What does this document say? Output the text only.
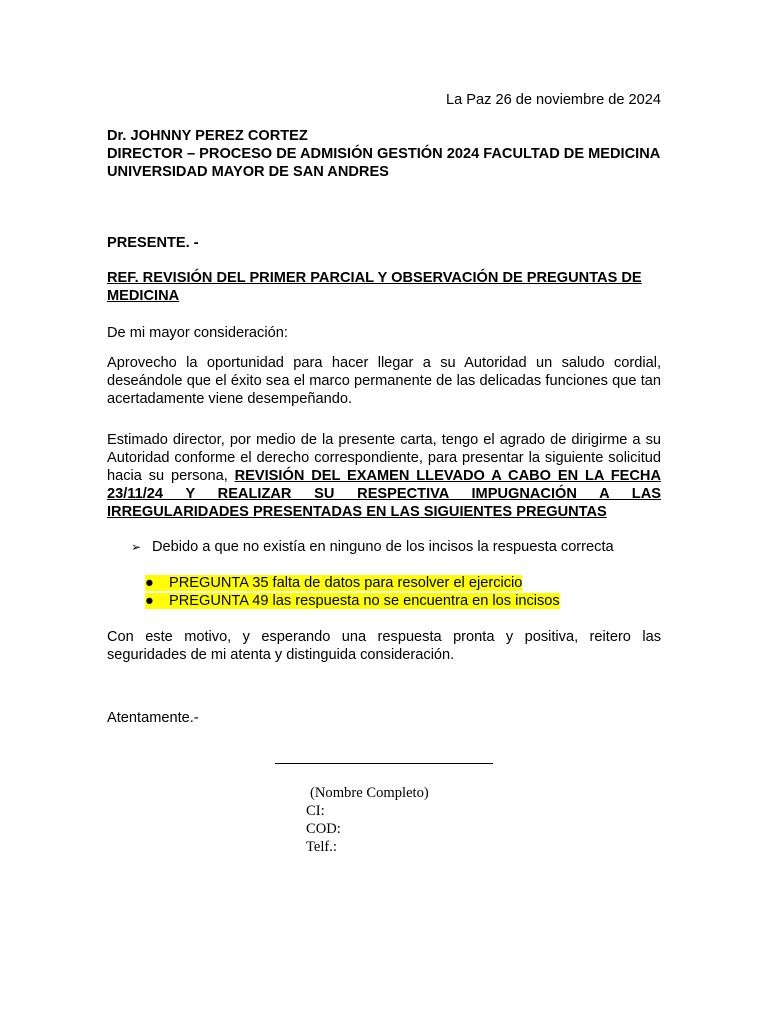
La Paz 26 de noviembre de 2024
Dr. JOHNNY PEREZ CORTEZ
DIRECTOR – PROCESO DE ADMISIÓN GESTIÓN 2024 FACULTAD DE MEDICINA
UNIVERSIDAD MAYOR DE SAN ANDRES
PRESENTE. -
REF. REVISIÓN DEL PRIMER PARCIAL Y OBSERVACIÓN DE PREGUNTAS DE MEDICINA
De mi mayor consideración:
Aprovecho la oportunidad para hacer llegar a su Autoridad un saludo cordial, deseándole que el éxito sea el marco permanente de las delicadas funciones que tan acertadamente viene desempeñando.
Estimado director, por medio de la presente carta, tengo el agrado de dirigirme a su Autoridad conforme el derecho correspondiente, para presentar la siguiente solicitud hacia su persona, REVISIÓN DEL EXAMEN LLEVADO A CABO EN LA FECHA 23/11/24 Y REALIZAR SU RESPECTIVA IMPUGNACIÓN A LAS IRREGULARIDADES PRESENTADAS EN LAS SIGUIENTES PREGUNTAS
➢ Debido a que no existía en ninguno de los incisos la respuesta correcta
● PREGUNTA 35 falta de datos para resolver el ejercicio
● PREGUNTA 49 las respuesta no se encuentra en los incisos
Con este motivo, y esperando una respuesta pronta y positiva, reitero las seguridades de mi atenta y distinguida consideración.
Atentamente.-
(Nombre Completo)
CI:
COD:
Telf.:
